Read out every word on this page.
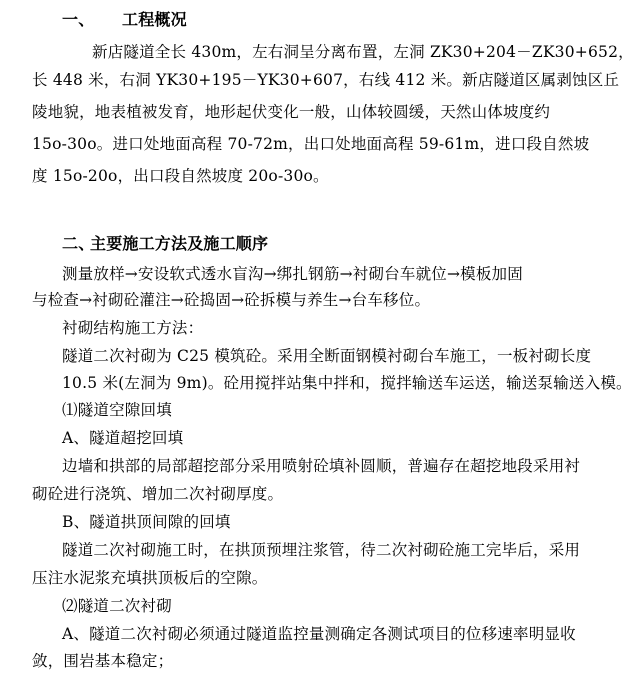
一、 工程概况
新店隧道全长 430m，左右洞呈分离布置，左洞 ZK30+204－ZK30+652，
长 448 米，右洞 YK30+195－YK30+607，右线 412 米。新店隧道区属剥蚀区丘
陵地貌，地表植被发育，地形起伏变化一般，山体较圆缓，天然山体坡度约
15o-30o。进口处地面高程 70-72m，出口处地面高程 59-61m，进口段自然坡
度 15o-20o，出口段自然坡度 20o-30o。
二、主要施工方法及施工顺序
测量放样→安设软式透水盲沟→绑扎钢筋→衬砌台车就位→模板加固
与检查→衬砌砼灌注→砼捣固→砼拆模与养生→台车移位。
衬砌结构施工方法：
隧道二次衬砌为 C25 模筑砼。采用全断面钢模衬砌台车施工，一板衬砌长度
10.5 米(左洞为 9m)。砼用搅拌站集中拌和，搅拌输送车运送，输送泵输送入模。
⑴隧道空隙回填
A、隧道超挖回填
边墙和拱部的局部超挖部分采用喷射砼填补圆顺，普遍存在超挖地段采用衬
砌砼进行浇筑、增加二次衬砌厚度。
B、隧道拱顶间隙的回填
隧道二次衬砌施工时，在拱顶预埋注浆管，待二次衬砌砼施工完毕后，采用
压注水泥浆充填拱顶板后的空隙。
⑵隧道二次衬砌
A、隧道二次衬砌必须通过隧道监控量测确定各测试项目的位移速率明显收
敛，围岩基本稳定；
